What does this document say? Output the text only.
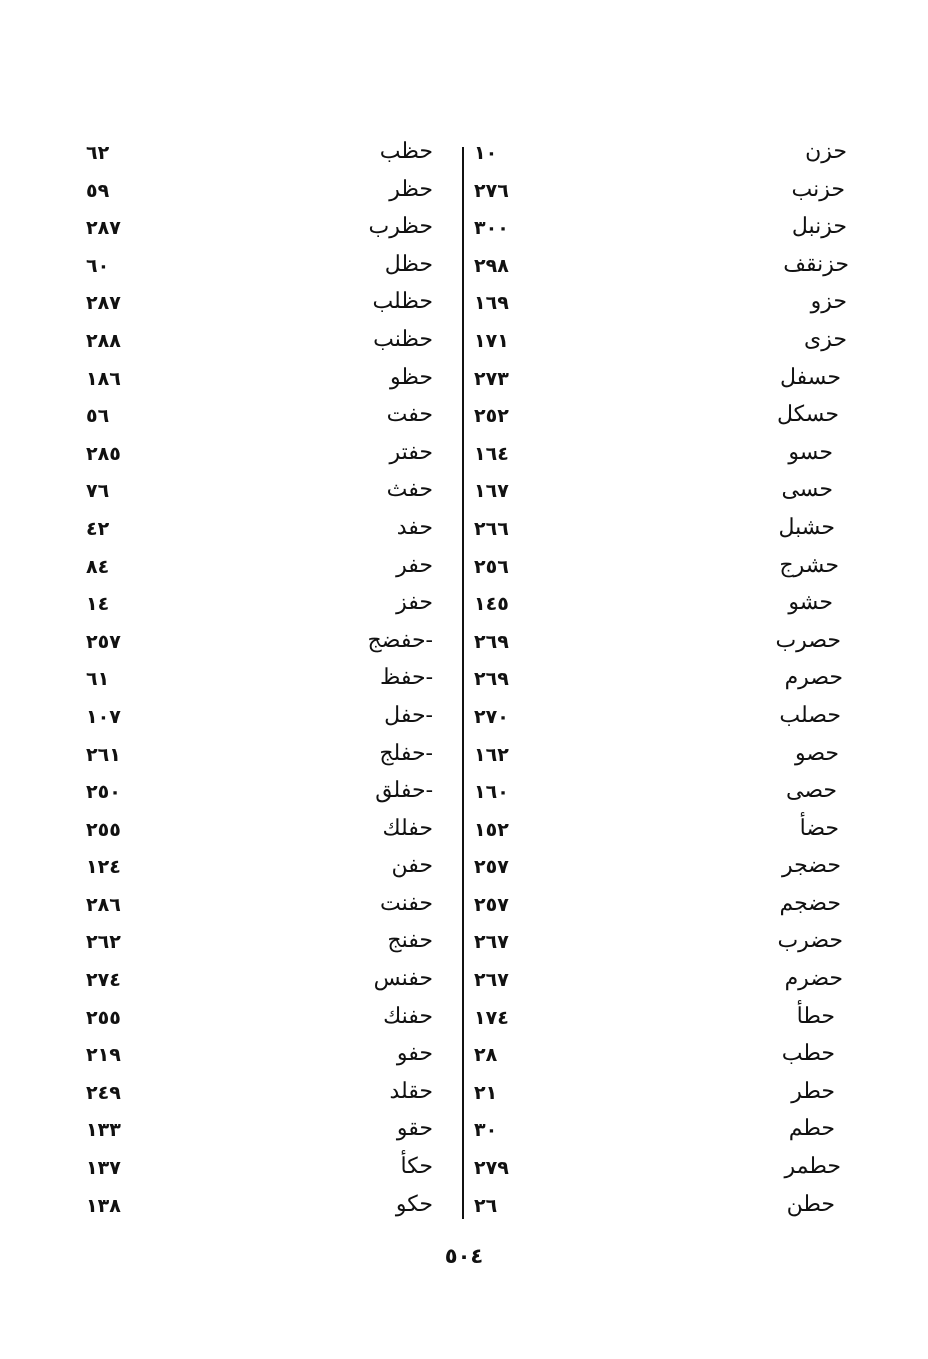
حزن
١٠
حزنب
٢٧٦
حزنبل
٣٠٠
حزنقف
٢٩٨
حزو
١٦٩
حزى
١٧١
حسفل
٢٧٣
حسكل
٢٥٢
حسو
١٦٤
حسى
١٦٧
حشبل
٢٦٦
حشرج
٢٥٦
حشو
١٤٥
حصرب
٢٦٩
حصرم
٢٦٩
حصلب
٢٧٠
حصو
١٦٢
حصى
١٦٠
حضأ
١٥٢
حضجر
٢٥٧
حضجم
٢٥٧
حضرب
٢٦٧
حضرم
٢٦٧
حطأ
١٧٤
حطب
٢٨
حطر
٢١
حطم
٣٠
حطمر
٢٧٩
حطن
٢٦
حظب
٦٢
حظر
٥٩
حظرب
٢٨٧
حظل
٦٠
حظلب
٢٨٧
حظنب
٢٨٨
حظو
١٨٦
حفت
٥٦
حفتر
٢٨٥
حفث
٧٦
حفد
٤٢
حفر
٨٤
حفز
١٤
-حفضج
٢٥٧
-حفظ
٦١
-حفل
١٠٧
-حفلج
٢٦١
-حفلق
٢٥٠
حفلك
٢٥٥
حفن
١٢٤
حفنت
٢٨٦
حفنج
٢٦٢
حفنس
٢٧٤
حفنك
٢٥٥
حفو
٢١٩
حقلد
٢٤٩
حقو
١٣٣
حكأ
١٣٧
حكو
١٣٨
٥٠٤
